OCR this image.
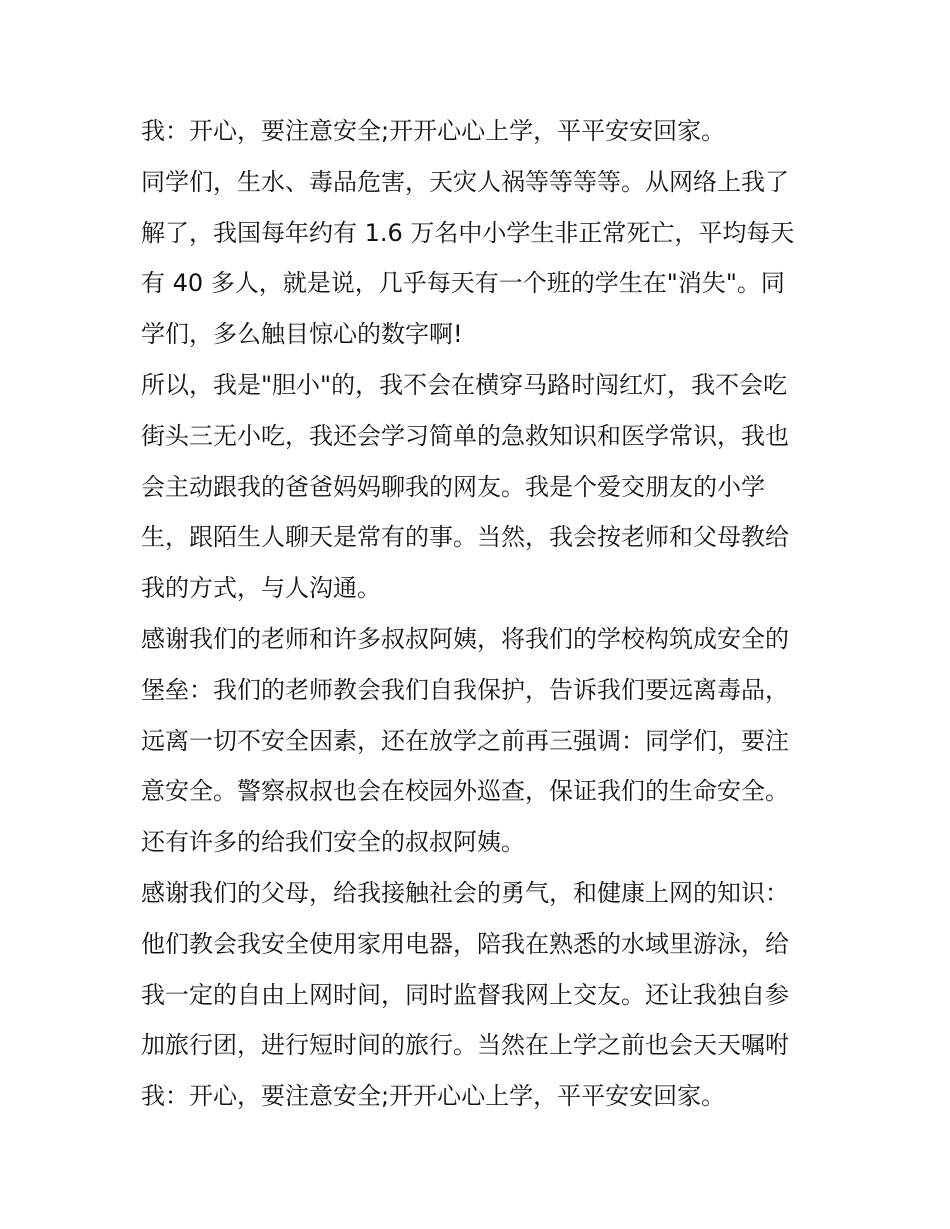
我：开心，要注意安全;开开心心上学，平平安安回家。
同学们，生水、毒品危害，天灾人祸等等等等。从网络上我了
解了，我国每年约有 1.6 万名中小学生非正常死亡，平均每天
有 40 多人，就是说，几乎每天有一个班的学生在"消失"。同
学们，多么触目惊心的数字啊!
所以，我是"胆小"的，我不会在横穿马路时闯红灯，我不会吃
街头三无小吃，我还会学习简单的急救知识和医学常识，我也
会主动跟我的爸爸妈妈聊我的网友。我是个爱交朋友的小学
生，跟陌生人聊天是常有的事。当然，我会按老师和父母教给
我的方式，与人沟通。
感谢我们的老师和许多叔叔阿姨，将我们的学校构筑成安全的
堡垒：我们的老师教会我们自我保护，告诉我们要远离毒品，
远离一切不安全因素，还在放学之前再三强调：同学们，要注
意安全。警察叔叔也会在校园外巡查，保证我们的生命安全。
还有许多的给我们安全的叔叔阿姨。
感谢我们的父母，给我接触社会的勇气，和健康上网的知识：
他们教会我安全使用家用电器，陪我在熟悉的水域里游泳，给
我一定的自由上网时间，同时监督我网上交友。还让我独自参
加旅行团，进行短时间的旅行。当然在上学之前也会天天嘱咐
我：开心，要注意安全;开开心心上学，平平安安回家。
